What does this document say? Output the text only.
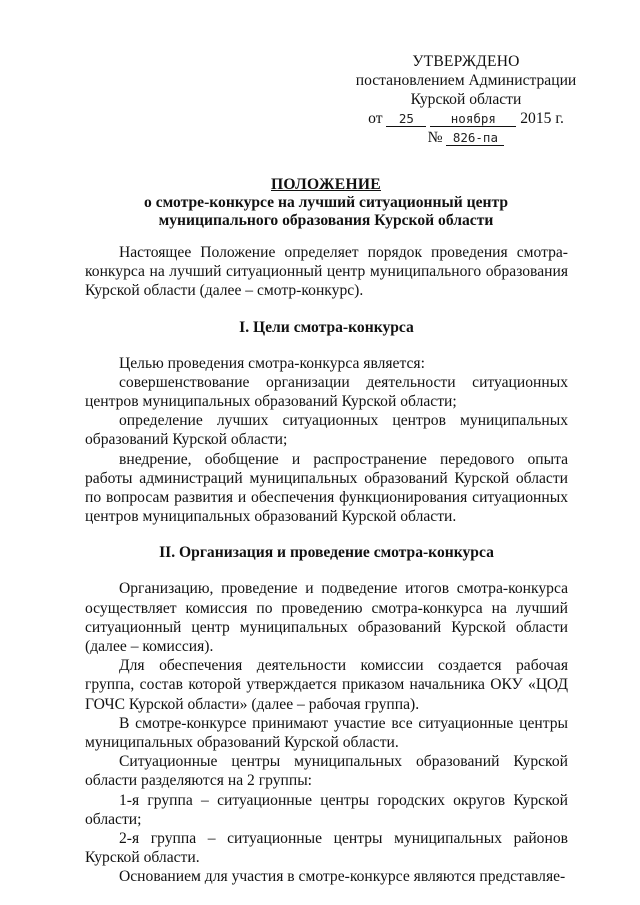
УТВЕРЖДЕНО
постановлением Администрации
Курской области
от 25	ноября 2015 г.
№ 826-па
ПОЛОЖЕНИЕ
о смотре-конкурсе на лучший ситуационный центр
муниципального образования Курской области

Настоящее Положение определяет порядок проведения смотра-конкурса на лучший ситуационный центр муниципального образования Курской области (далее – смотр-конкурс).

I. Цели смотра-конкурса

Целью проведения смотра-конкурса является:

совершенствование организации деятельности ситуационных центров муниципальных образований Курской области;

определение лучших ситуационных центров муниципальных образований Курской области;

внедрение, обобщение и распространение передового опыта работы администраций муниципальных образований Курской области по вопросам развития и обеспечения функционирования ситуационных центров муниципальных образований Курской области.

II. Организация и проведение смотра-конкурса

Организацию, проведение и подведение итогов смотра-конкурса осуществляет комиссия по проведению смотра-конкурса на лучший ситуационный центр муниципальных образований Курской области (далее – комиссия).

Для обеспечения деятельности комиссии создается рабочая группа, состав которой утверждается приказом начальника ОКУ «ЦОД ГОЧС Курской области» (далее – рабочая группа).

В смотре-конкурсе принимают участие все ситуационные центры муниципальных образований Курской области.

Ситуационные центры муниципальных образований Курской области разделяются на 2 группы:

1-я группа – ситуационные центры городских округов Курской области;

2-я группа – ситуационные центры муниципальных районов Курской области.

Основанием для участия в смотре-конкурсе являются представляе-
